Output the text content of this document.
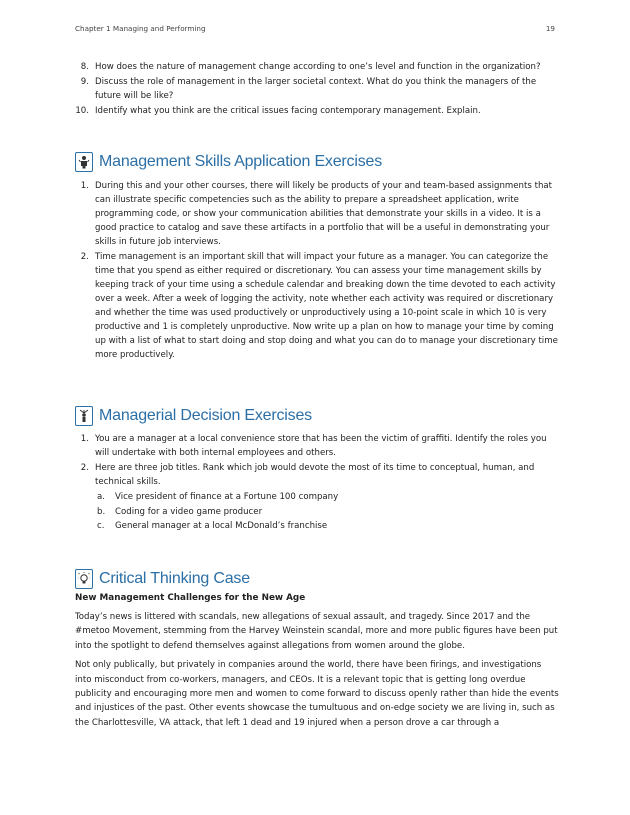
Chapter 1 Managing and Performing	19
8. How does the nature of management change according to one’s level and function in the organization?
9. Discuss the role of management in the larger societal context. What do you think the managers of the future will be like?
10. Identify what you think are the critical issues facing contemporary management. Explain.
Management Skills Application Exercises
1. During this and your other courses, there will likely be products of your and team-based assignments that can illustrate specific competencies such as the ability to prepare a spreadsheet application, write programming code, or show your communication abilities that demonstrate your skills in a video. It is a good practice to catalog and save these artifacts in a portfolio that will be a useful in demonstrating your skills in future job interviews.
2. Time management is an important skill that will impact your future as a manager. You can categorize the time that you spend as either required or discretionary. You can assess your time management skills by keeping track of your time using a schedule calendar and breaking down the time devoted to each activity over a week. After a week of logging the activity, note whether each activity was required or discretionary and whether the time was used productively or unproductively using a 10-point scale in which 10 is very productive and 1 is completely unproductive. Now write up a plan on how to manage your time by coming up with a list of what to start doing and stop doing and what you can do to manage your discretionary time more productively.
Managerial Decision Exercises
1. You are a manager at a local convenience store that has been the victim of graffiti. Identify the roles you will undertake with both internal employees and others.
2. Here are three job titles. Rank which job would devote the most of its time to conceptual, human, and technical skills.
a. Vice president of finance at a Fortune 100 company
b. Coding for a video game producer
c. General manager at a local McDonald’s franchise
Critical Thinking Case
New Management Challenges for the New Age

Today’s news is littered with scandals, new allegations of sexual assault, and tragedy. Since 2017 and the #metoo Movement, stemming from the Harvey Weinstein scandal, more and more public figures have been put into the spotlight to defend themselves against allegations from women around the globe.

Not only publically, but privately in companies around the world, there have been firings, and investigations into misconduct from co-workers, managers, and CEOs. It is a relevant topic that is getting long overdue publicity and encouraging more men and women to come forward to discuss openly rather than hide the events and injustices of the past. Other events showcase the tumultuous and on-edge society we are living in, such as the Charlottesville, VA attack, that left 1 dead and 19 injured when a person drove a car through a
